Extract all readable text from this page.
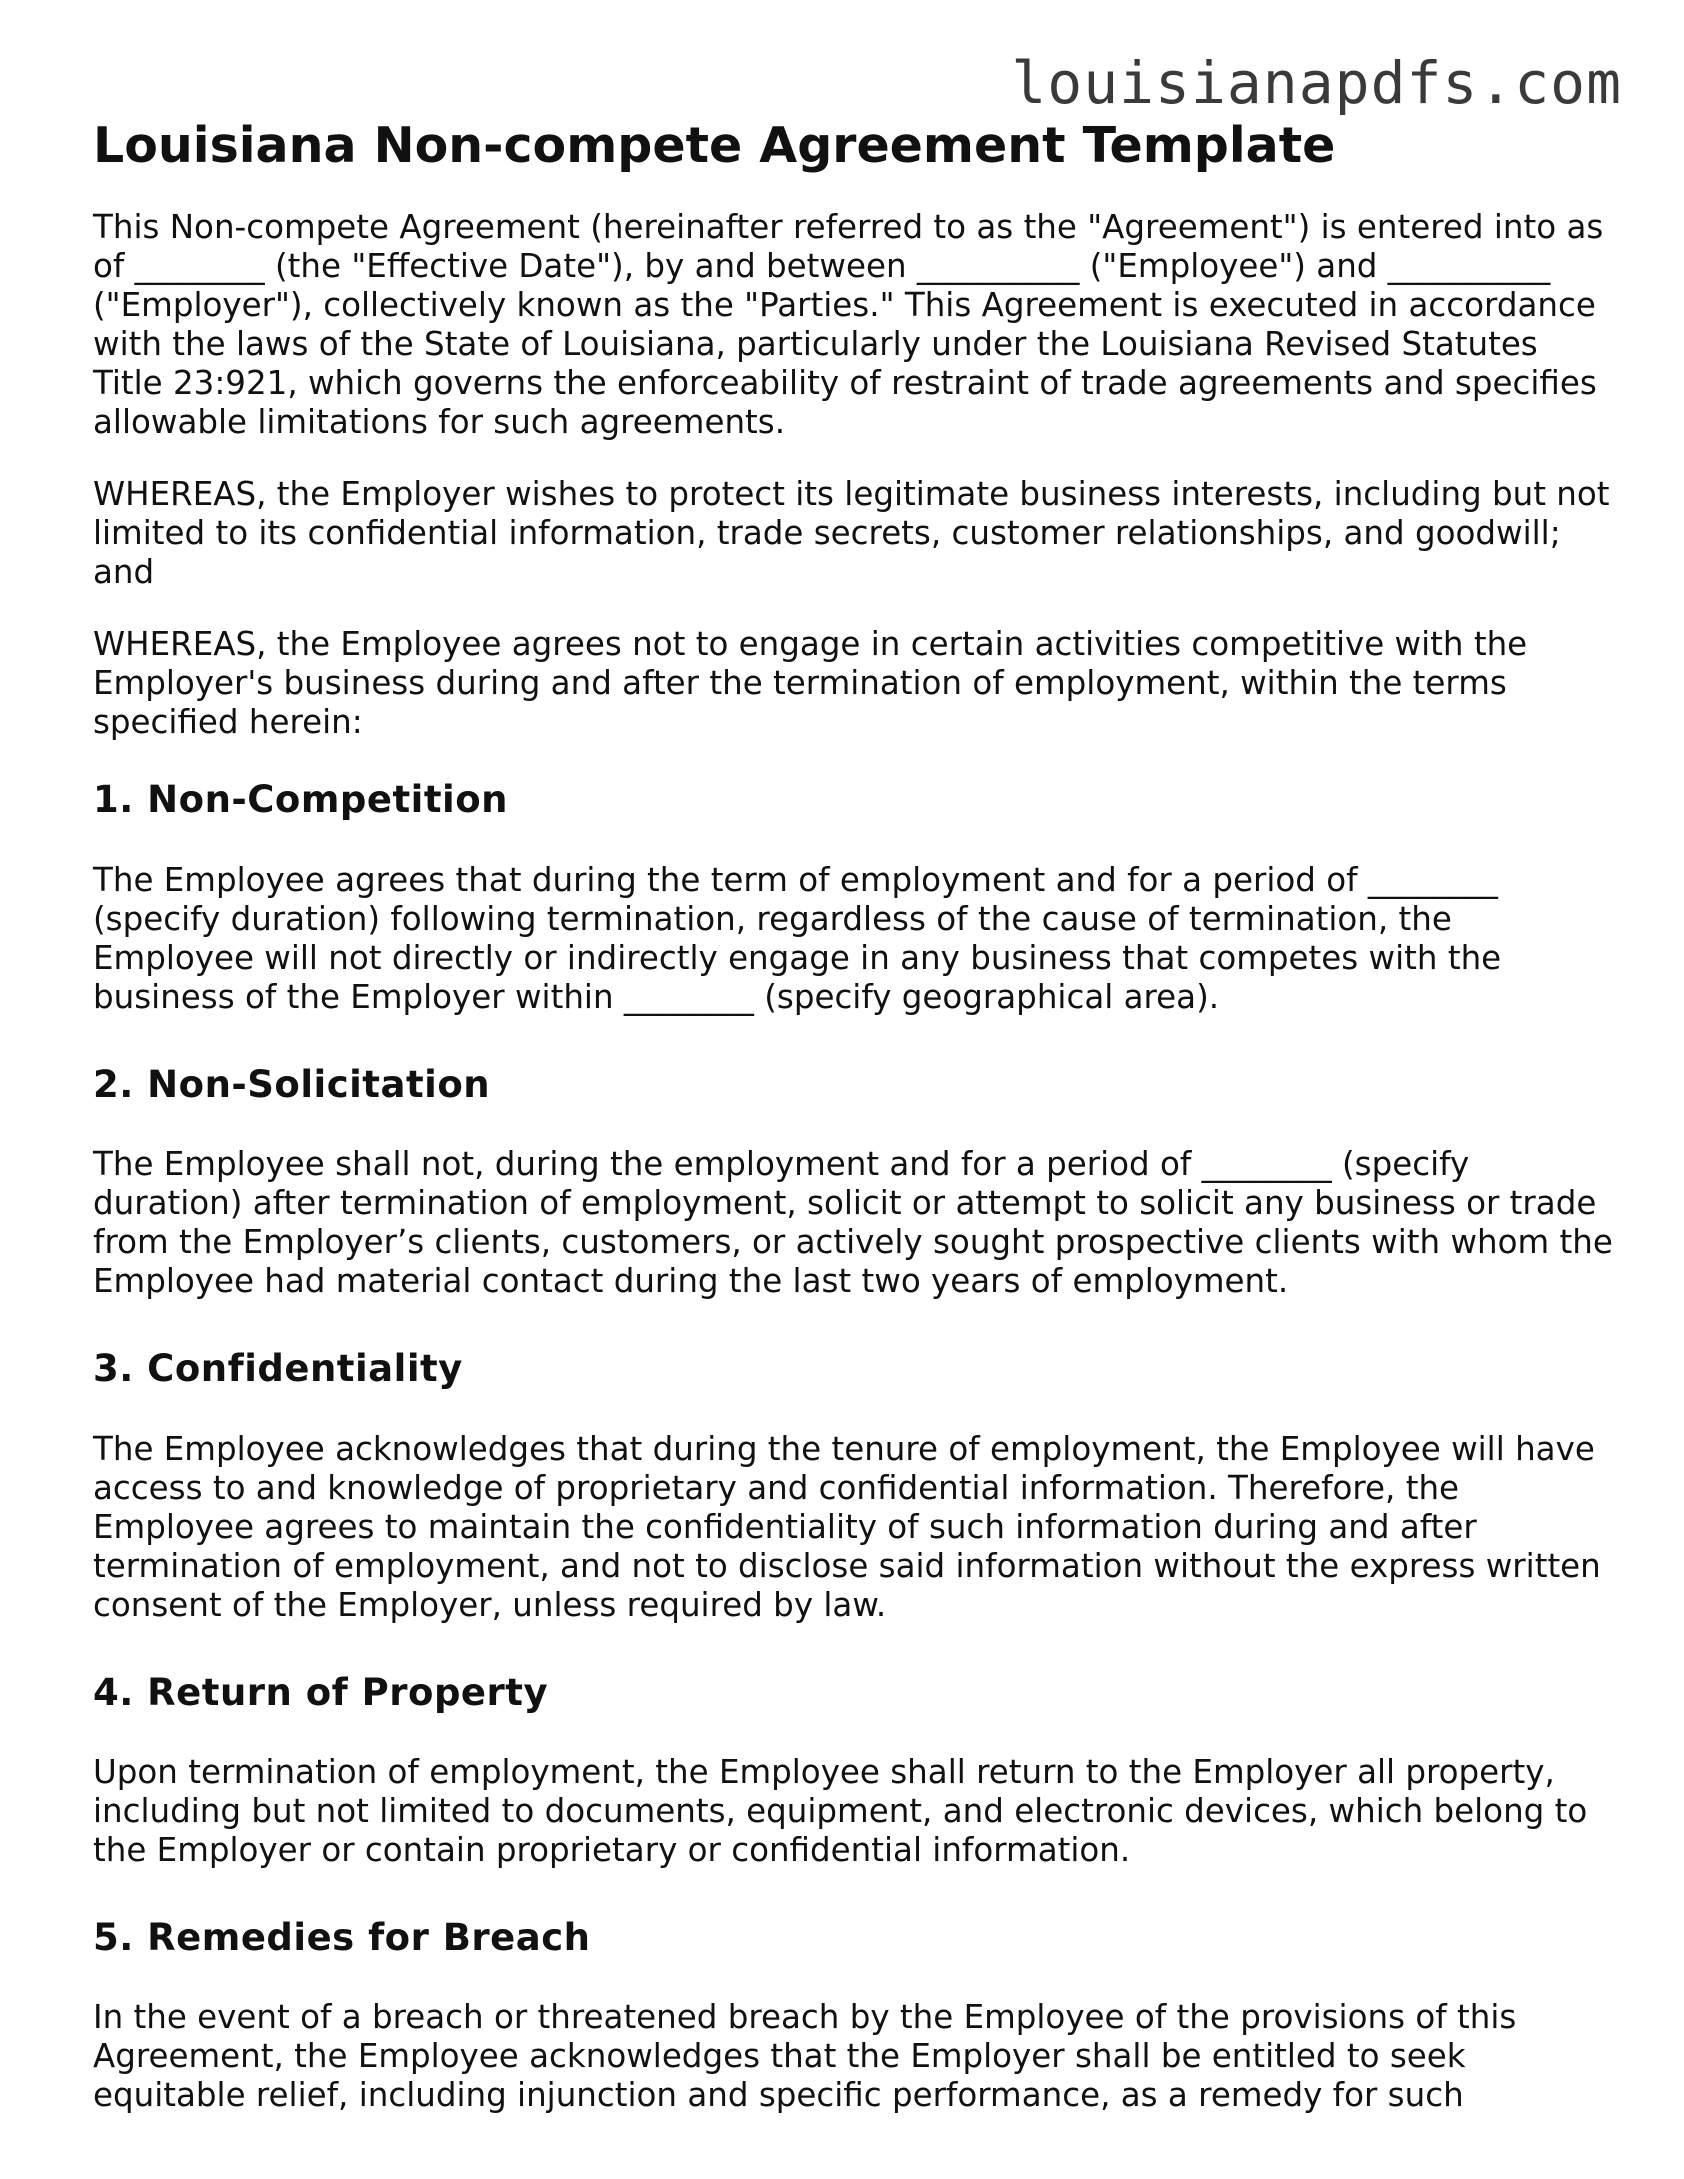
louisianapdfs.com
Louisiana Non-compete Agreement Template

This Non-compete Agreement (hereinafter referred to as the "Agreement") is entered into as of ________ (the "Effective Date"), by and between __________ ("Employee") and __________ ("Employer"), collectively known as the "Parties." This Agreement is executed in accordance with the laws of the State of Louisiana, particularly under the Louisiana Revised Statutes Title 23:921, which governs the enforceability of restraint of trade agreements and specifies allowable limitations for such agreements.

WHEREAS, the Employer wishes to protect its legitimate business interests, including but not limited to its confidential information, trade secrets, customer relationships, and goodwill; and

WHEREAS, the Employee agrees not to engage in certain activities competitive with the Employer's business during and after the termination of employment, within the terms specified herein:

1. Non-Competition

The Employee agrees that during the term of employment and for a period of ________ (specify duration) following termination, regardless of the cause of termination, the Employee will not directly or indirectly engage in any business that competes with the business of the Employer within ________ (specify geographical area).

2. Non-Solicitation

The Employee shall not, during the employment and for a period of ________ (specify duration) after termination of employment, solicit or attempt to solicit any business or trade from the Employer’s clients, customers, or actively sought prospective clients with whom the Employee had material contact during the last two years of employment.

3. Confidentiality

The Employee acknowledges that during the tenure of employment, the Employee will have access to and knowledge of proprietary and confidential information. Therefore, the Employee agrees to maintain the confidentiality of such information during and after termination of employment, and not to disclose said information without the express written consent of the Employer, unless required by law.

4. Return of Property

Upon termination of employment, the Employee shall return to the Employer all property, including but not limited to documents, equipment, and electronic devices, which belong to the Employer or contain proprietary or confidential information.

5. Remedies for Breach

In the event of a breach or threatened breach by the Employee of the provisions of this Agreement, the Employee acknowledges that the Employer shall be entitled to seek equitable relief, including injunction and specific performance, as a remedy for such
